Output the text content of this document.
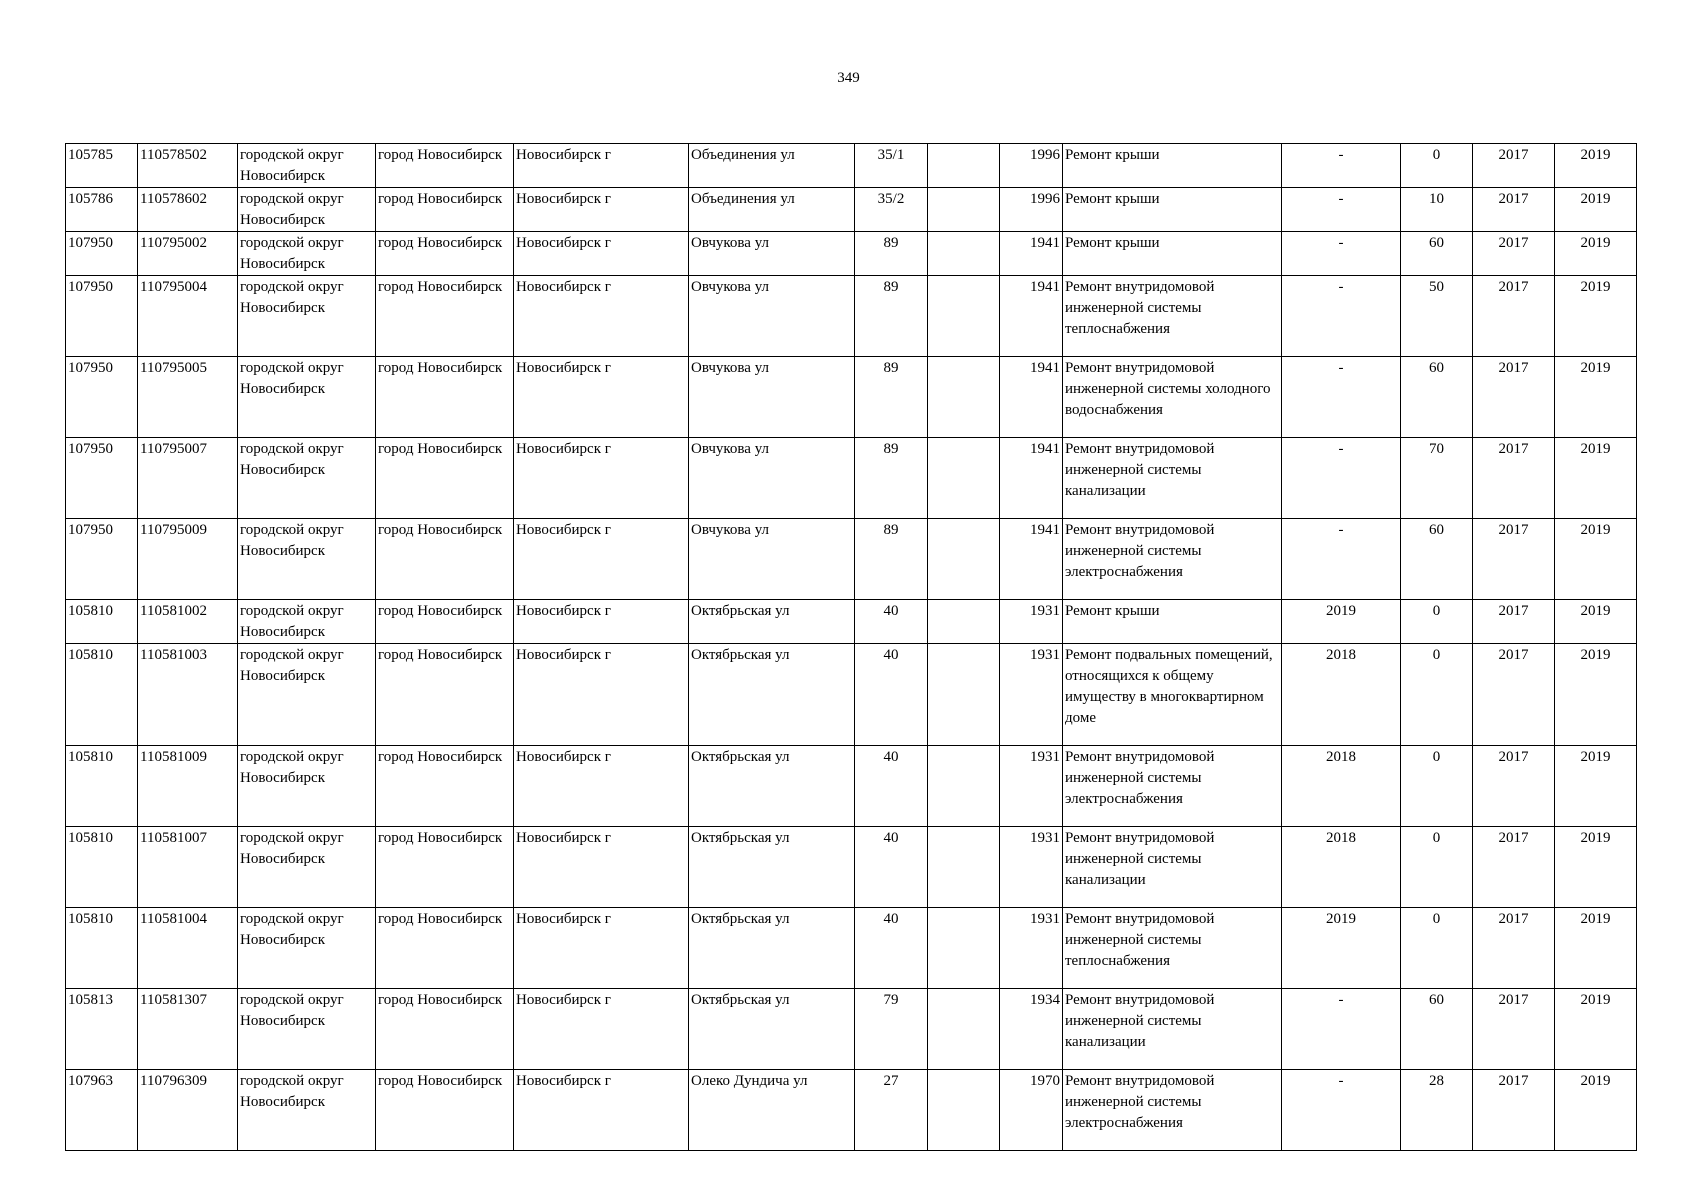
349
105785	110578502	городской округ Новосибирск	город Новосибирск	Новосибирск г	Объединения ул	35/1		1996	Ремонт крыши	-	0	2017	2019
105786	110578602	городской округ Новосибирск	город Новосибирск	Новосибирск г	Объединения ул	35/2		1996	Ремонт крыши	-	10	2017	2019
107950	110795002	городской округ Новосибирск	город Новосибирск	Новосибирск г	Овчукова ул	89		1941	Ремонт крыши	-	60	2017	2019
107950	110795004	городской округ Новосибирск	город Новосибирск	Новосибирск г	Овчукова ул	89		1941	Ремонт внутридомовой инженерной системы теплоснабжения	-	50	2017	2019
107950	110795005	городской округ Новосибирск	город Новосибирск	Новосибирск г	Овчукова ул	89		1941	Ремонт внутридомовой инженерной системы холодного водоснабжения	-	60	2017	2019
107950	110795007	городской округ Новосибирск	город Новосибирск	Новосибирск г	Овчукова ул	89		1941	Ремонт внутридомовой инженерной системы канализации	-	70	2017	2019
107950	110795009	городской округ Новосибирск	город Новосибирск	Новосибирск г	Овчукова ул	89		1941	Ремонт внутридомовой инженерной системы электроснабжения	-	60	2017	2019
105810	110581002	городской округ Новосибирск	город Новосибирск	Новосибирск г	Октябрьская ул	40		1931	Ремонт крыши	2019	0	2017	2019
105810	110581003	городской округ Новосибирск	город Новосибирск	Новосибирск г	Октябрьская ул	40		1931	Ремонт подвальных помещений, относящихся к общему имуществу в многоквартирном доме	2018	0	2017	2019
105810	110581009	городской округ Новосибирск	город Новосибирск	Новосибирск г	Октябрьская ул	40		1931	Ремонт внутридомовой инженерной системы электроснабжения	2018	0	2017	2019
105810	110581007	городской округ Новосибирск	город Новосибирск	Новосибирск г	Октябрьская ул	40		1931	Ремонт внутридомовой инженерной системы канализации	2018	0	2017	2019
105810	110581004	городской округ Новосибирск	город Новосибирск	Новосибирск г	Октябрьская ул	40		1931	Ремонт внутридомовой инженерной системы теплоснабжения	2019	0	2017	2019
105813	110581307	городской округ Новосибирск	город Новосибирск	Новосибирск г	Октябрьская ул	79		1934	Ремонт внутридомовой инженерной системы канализации	-	60	2017	2019
107963	110796309	городской округ Новосибирск	город Новосибирск	Новосибирск г	Олеко Дундича ул	27		1970	Ремонт внутридомовой инженерной системы электроснабжения	-	28	2017	2019
